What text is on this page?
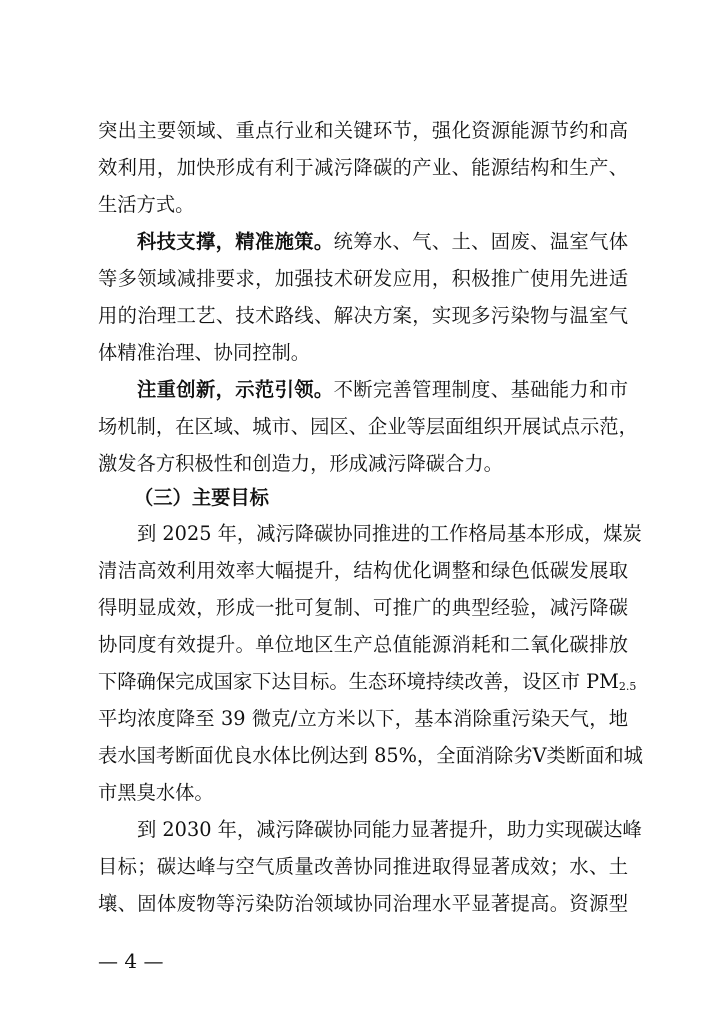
突出主要领域、重点行业和关键环节，强化资源能源节约和高
效利用，加快形成有利于减污降碳的产业、能源结构和生产、
生活方式。
科技支撑，精准施策。统筹水、气、土、固废、温室气体
等多领域减排要求，加强技术研发应用，积极推广使用先进适
用的治理工艺、技术路线、解决方案，实现多污染物与温室气
体精准治理、协同控制。
注重创新，示范引领。不断完善管理制度、基础能力和市
场机制，在区域、城市、园区、企业等层面组织开展试点示范，
激发各方积极性和创造力，形成减污降碳合力。
（三）主要目标
到 2025 年，减污降碳协同推进的工作格局基本形成，煤炭
清洁高效利用效率大幅提升，结构优化调整和绿色低碳发展取
得明显成效，形成一批可复制、可推广的典型经验，减污降碳
协同度有效提升。单位地区生产总值能源消耗和二氧化碳排放
下降确保完成国家下达目标。生态环境持续改善，设区市 $PM_{2.5}$
平均浓度降至 39 微克/立方米以下，基本消除重污染天气，地
表水国考断面优良水体比例达到 85%，全面消除劣Ⅴ类断面和城
市黑臭水体。
到 2030 年，减污降碳协同能力显著提升，助力实现碳达峰
目标；碳达峰与空气质量改善协同推进取得显著成效；水、土
壤、固体废物等污染防治领域协同治理水平显著提高。资源型
— 4 —
